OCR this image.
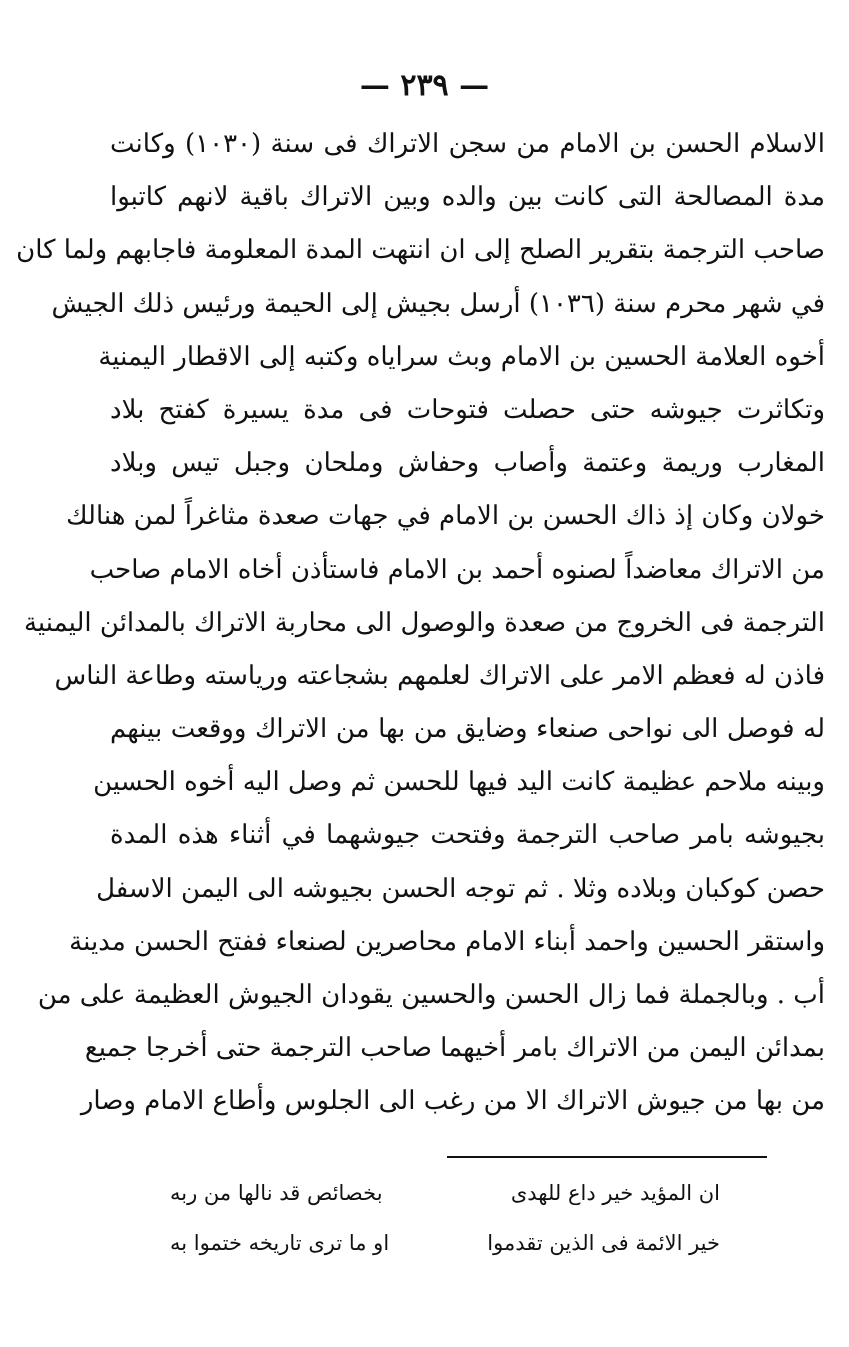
— ٢٣٩ —
الاسلام الحسن بن الامام من سجن الاتراك فى سنة (١٠٣٠) وكانت
مدة المصالحة التى كانت بين والده وبين الاتراك باقية لانهم كاتبوا
صاحب الترجمة بتقرير الصلح إلى ان انتهت المدة المعلومة فاجابهم ولما كان
في شهر محرم سنة (١٠٣٦) أرسل بجيش إلى الحيمة ورئيس ذلك الجيش
أخوه العلامة الحسين بن الامام وبث سراياه وكتبه إلى الاقطار اليمنية
وتكاثرت جيوشه حتى حصلت فتوحات فى مدة يسيرة كفتح بلاد
المغارب وريمة وعتمة وأصاب وحفاش وملحان وجبل تيس وبلاد
خولان وكان إذ ذاك الحسن بن الامام في جهات صعدة مثاغراً لمن هنالك
من الاتراك معاضداً لصنوه أحمد بن الامام فاستأذن أخاه الامام صاحب
الترجمة فى الخروج من صعدة والوصول الى محاربة الاتراك بالمدائن اليمنية
فاذن له فعظم الامر على الاتراك لعلمهم بشجاعته ورياسته وطاعة الناس
له فوصل الى نواحى صنعاء وضايق من بها من الاتراك ووقعت بينهم
وبينه ملاحم عظيمة كانت اليد فيها للحسن ثم وصل اليه أخوه الحسين
بجيوشه بامر صاحب الترجمة وفتحت جيوشهما في أثناء هذه المدة
حصن كوكبان وبلاده وثلا . ثم توجه الحسن بجيوشه الى اليمن الاسفل
واستقر الحسين واحمد أبناء الامام محاصرين لصنعاء ففتح الحسن مدينة
أب . وبالجملة فما زال الحسن والحسين يقودان الجيوش العظيمة على من
بمدائن اليمن من الاتراك بامر أخيهما صاحب الترجمة حتى أخرجا جميع
من بها من جيوش الاتراك الا من رغب الى الجلوس وأطاع الامام وصار
ان المؤيد خير داع للهدى
بخصائص قد نالها من ربه
خير الائمة فى الذين تقدموا
او ما ترى تاريخه ختموا به
